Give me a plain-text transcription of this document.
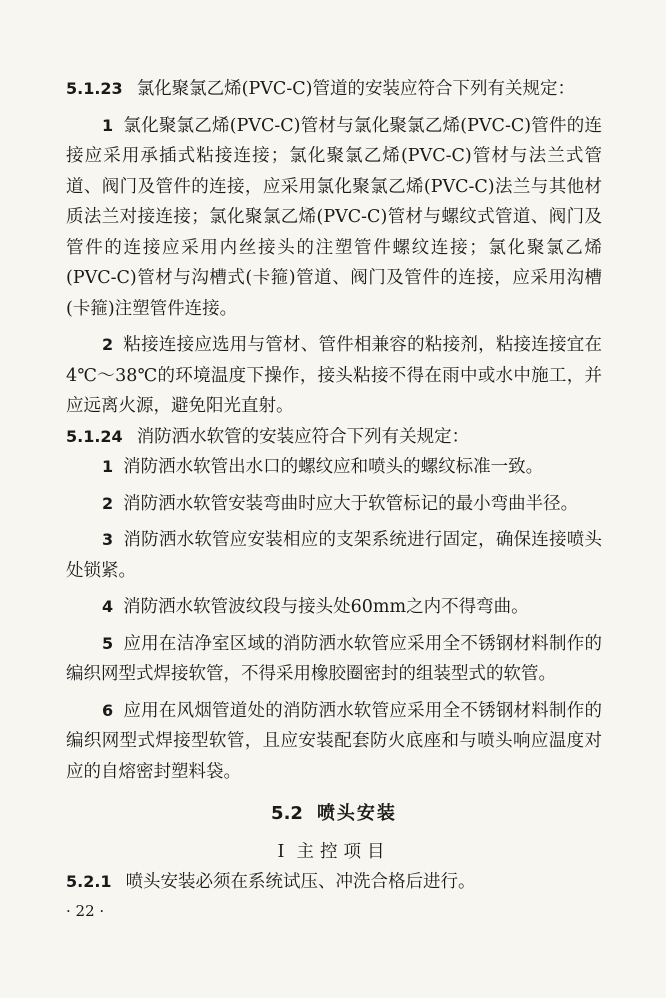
5.1.23 氯化聚氯乙烯(PVC-C)管道的安装应符合下列有关规定：

1 氯化聚氯乙烯(PVC-C)管材与氯化聚氯乙烯(PVC-C)管件的连接应采用承插式粘接连接；氯化聚氯乙烯(PVC-C)管材与法兰式管道、阀门及管件的连接，应采用氯化聚氯乙烯(PVC-C)法兰与其他材质法兰对接连接；氯化聚氯乙烯(PVC-C)管材与螺纹式管道、阀门及管件的连接应采用内丝接头的注塑管件螺纹连接；氯化聚氯乙烯(PVC-C)管材与沟槽式(卡箍)管道、阀门及管件的连接，应采用沟槽(卡箍)注塑管件连接。

2 粘接连接应选用与管材、管件相兼容的粘接剂，粘接连接宜在4℃～38℃的环境温度下操作，接头粘接不得在雨中或水中施工，并应远离火源，避免阳光直射。

5.1.24 消防洒水软管的安装应符合下列有关规定：

1 消防洒水软管出水口的螺纹应和喷头的螺纹标准一致。

2 消防洒水软管安装弯曲时应大于软管标记的最小弯曲半径。

3 消防洒水软管应安装相应的支架系统进行固定，确保连接喷头处锁紧。

4 消防洒水软管波纹段与接头处60mm之内不得弯曲。

5 应用在洁净室区域的消防洒水软管应采用全不锈钢材料制作的编织网型式焊接软管，不得采用橡胶圈密封的组装型式的软管。

6 应用在风烟管道处的消防洒水软管应采用全不锈钢材料制作的编织网型式焊接型软管，且应安装配套防火底座和与喷头响应温度对应的自熔密封塑料袋。

5.2 喷头安装

Ⅰ 主控项目

5.2.1 喷头安装必须在系统试压、冲洗合格后进行。

· 22 ·
